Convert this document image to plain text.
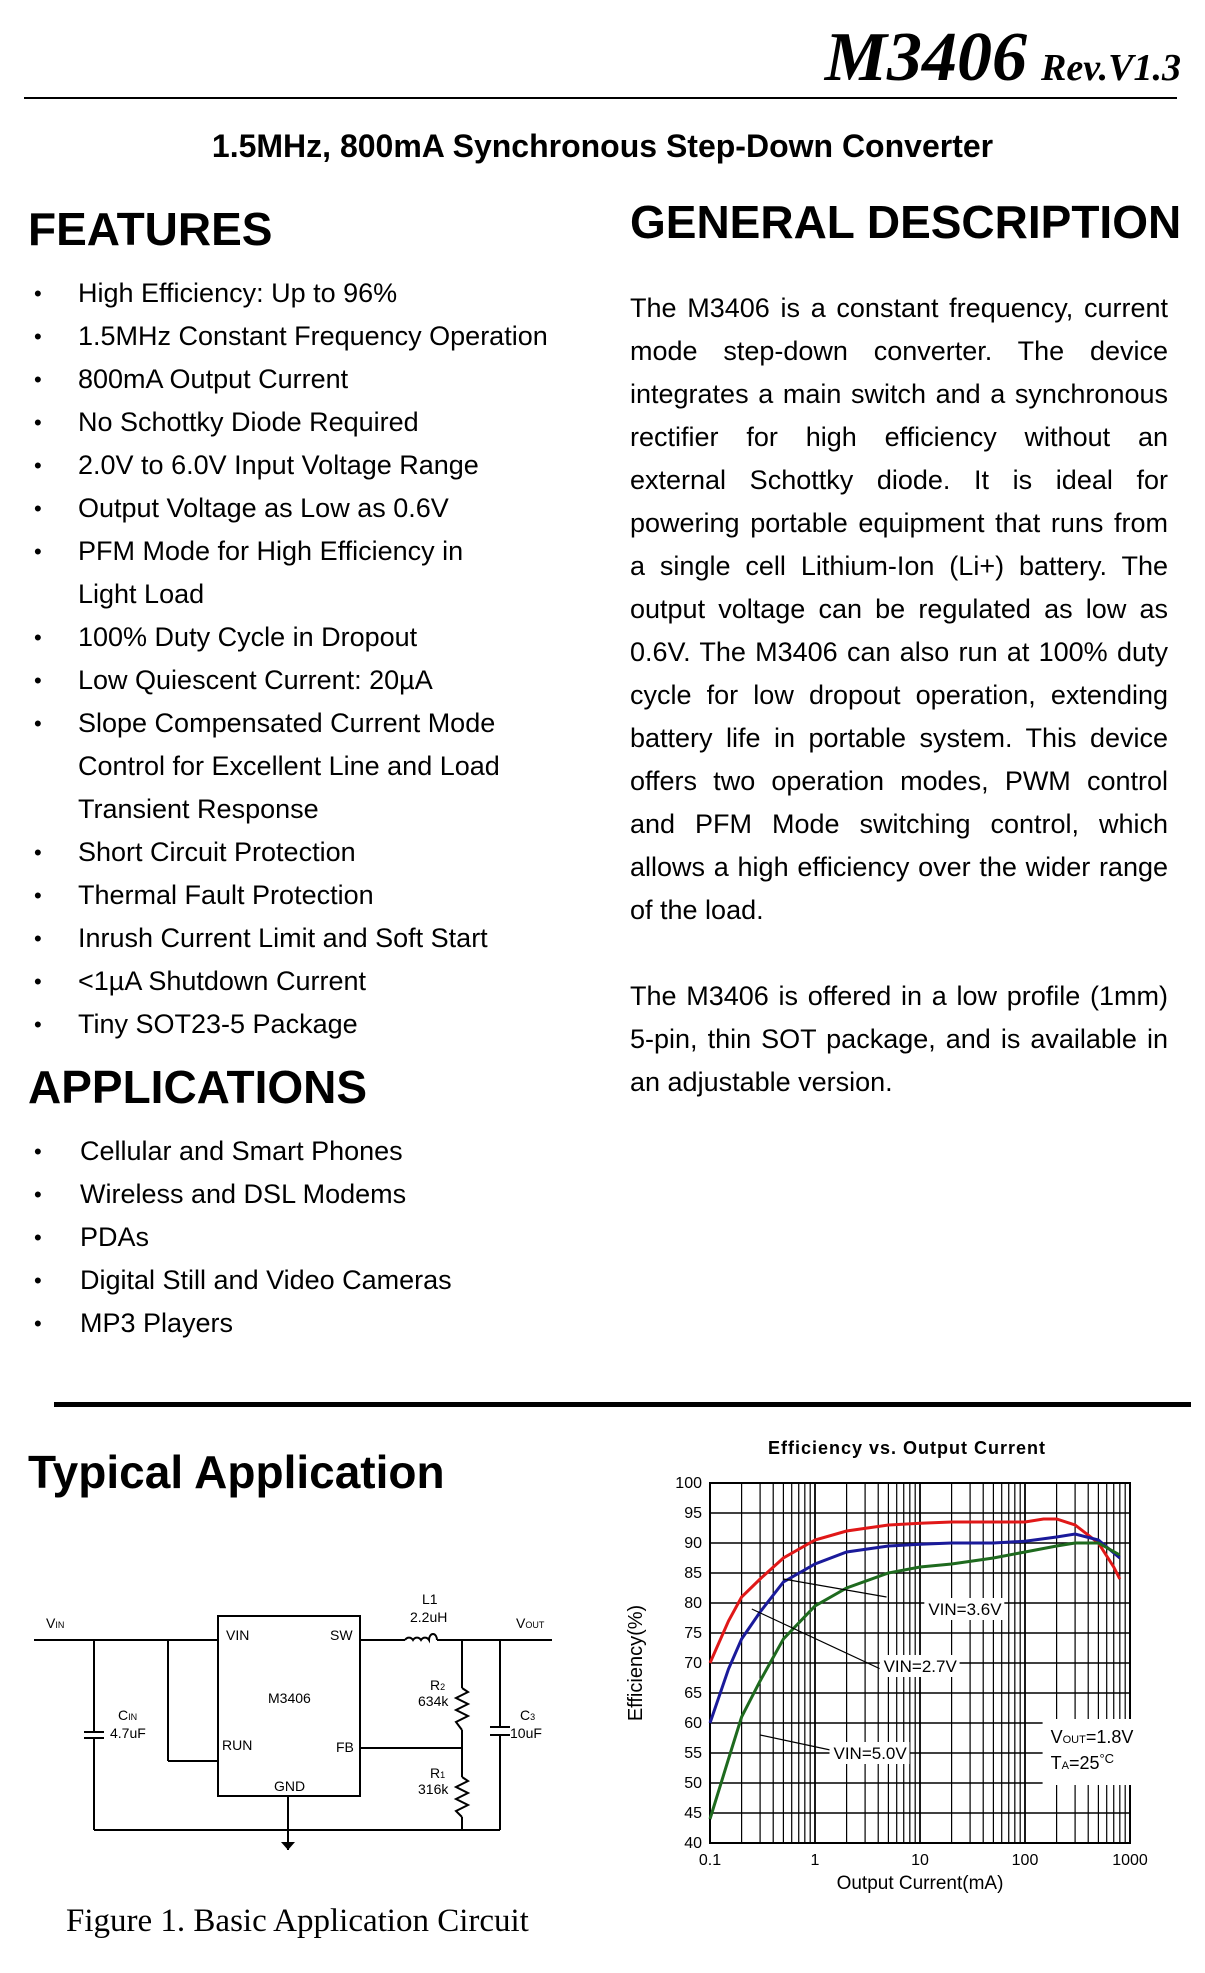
M3406 Rev.V1.3
1.5MHz, 800mA Synchronous Step-Down Converter
FEATURES
• High Efficiency: Up to 96%
• 1.5MHz Constant Frequency Operation
• 800mA Output Current
• No Schottky Diode Required
• 2.0V to 6.0V Input Voltage Range
• Output Voltage as Low as 0.6V
• PFM Mode for High Efficiency in
Light Load
• 100% Duty Cycle in Dropout
• Low Quiescent Current: 20µA
• Slope Compensated Current Mode
Control for Excellent Line and Load
Transient Response
• Short Circuit Protection
• Thermal Fault Protection
• Inrush Current Limit and Soft Start
• <1µA Shutdown Current
• Tiny SOT23-5 Package
APPLICATIONS
• Cellular and Smart Phones
• Wireless and DSL Modems
• PDAs
• Digital Still and Video Cameras
• MP3 Players
GENERAL DESCRIPTION
The M3406 is a constant frequency, current mode step-down converter. The device integrates a main switch and a synchronous rectifier for high efficiency without an external Schottky diode. It is ideal for powering portable equipment that runs from a single cell Lithium-Ion (Li+) battery. The output voltage can be regulated as low as 0.6V. The M3406 can also run at 100% duty cycle for low dropout operation, extending battery life in portable system. This device offers two operation modes, PWM control and PFM Mode switching control, which allows a high efficiency over the wider range of the load.
The M3406 is offered in a low profile (1mm) 5-pin, thin SOT package, and is available in an adjustable version.
Typical Application
VIN	VOUT
VIN	SW
M3406
RUN	FB
GND
L1
2.2uH
R2
634k
R1
316k
CIN
4.7uF
C3
10uF
Figure 1. Basic Application Circuit
Efficiency vs. Output Current
100
95
90
85
80
75
70
65
60
55
50
45
40
0.1	1	10	100	1000
Efficiency(%)
Output Current(mA)
VIN=3.6V
VIN=2.7V
VIN=5.0V
VOUT=1.8V
$TA=25^{^\circ C}$
